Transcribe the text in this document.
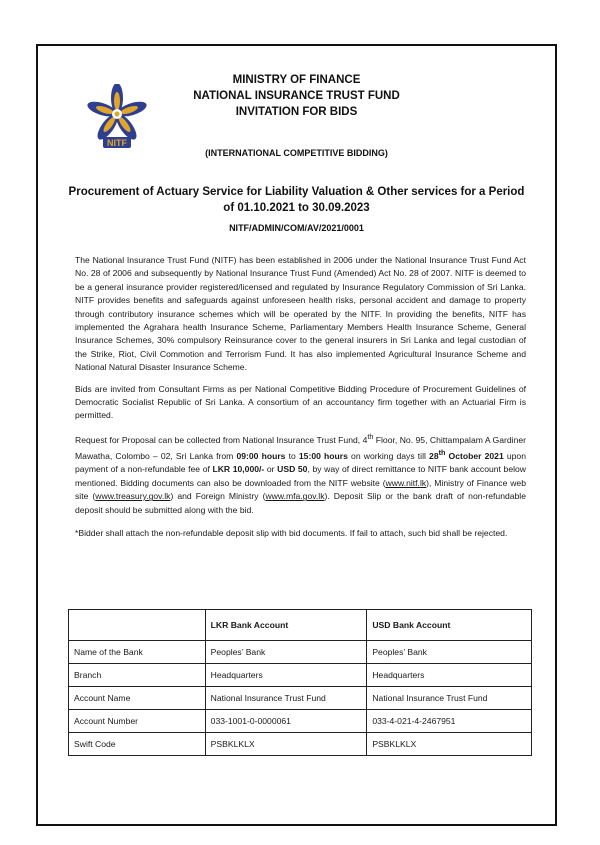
NITF
MINISTRY OF FINANCE
NATIONAL INSURANCE TRUST FUND
INVITATION FOR BIDS
(INTERNATIONAL COMPETITIVE BIDDING)
Procurement of Actuary Service for Liability Valuation & Other services for a Period of 01.10.2021 to 30.09.2023
NITF/ADMIN/COM/AV/2021/0001

The National Insurance Trust Fund (NITF) has been established in 2006 under the National Insurance Trust Fund Act No. 28 of 2006 and subsequently by National Insurance Trust Fund (Amended) Act No. 28 of 2007. NITF is deemed to be a general insurance provider registered/licensed and regulated by Insurance Regulatory Commission of Sri Lanka. NITF provides benefits and safeguards against unforeseen health risks, personal accident and damage to property through contributory insurance schemes which will be operated by the NITF. In providing the benefits, NITF has implemented the Agrahara health Insurance Scheme, Parliamentary Members Health Insurance Scheme, General Insurance Schemes, 30% compulsory Reinsurance cover to the general insurers in Sri Lanka and legal custodian of the Strike, Riot, Civil Commotion and Terrorism Fund. It has also implemented Agricultural Insurance Scheme and National Natural Disaster Insurance Scheme.

Bids are invited from Consultant Firms as per National Competitive Bidding Procedure of Procurement Guidelines of Democratic Socialist Republic of Sri Lanka. A consortium of an accountancy firm together with an Actuarial Firm is permitted.

Request for Proposal can be collected from National Insurance Trust Fund, 4th Floor, No. 95, Chittampalam A Gardiner Mawatha, Colombo – 02, Sri Lanka from 09:00 hours to 15:00 hours on working days till 28th October 2021 upon payment of a non-refundable fee of LKR 10,000/- or USD 50, by way of direct remittance to NITF bank account below mentioned. Bidding documents can also be downloaded from the NITF website (www.nitf.lk), Ministry of Finance web site (www.treasury.gov.lk) and Foreign Ministry (www.mfa.gov.lk). Deposit Slip or the bank draft of non-refundable deposit should be submitted along with the bid.

*Bidder shall attach the non-refundable deposit slip with bid documents. If fail to attach, such bid shall be rejected.

	LKR Bank Account	USD Bank Account
Name of the Bank	Peoples’ Bank	Peoples’ Bank
Branch	Headquarters	Headquarters
Account Name	National Insurance Trust Fund	National Insurance Trust Fund
Account Number	033-1001-0-0000061	033-4-021-4-2467951
Swift Code	PSBKLKLX	PSBKLKLX
